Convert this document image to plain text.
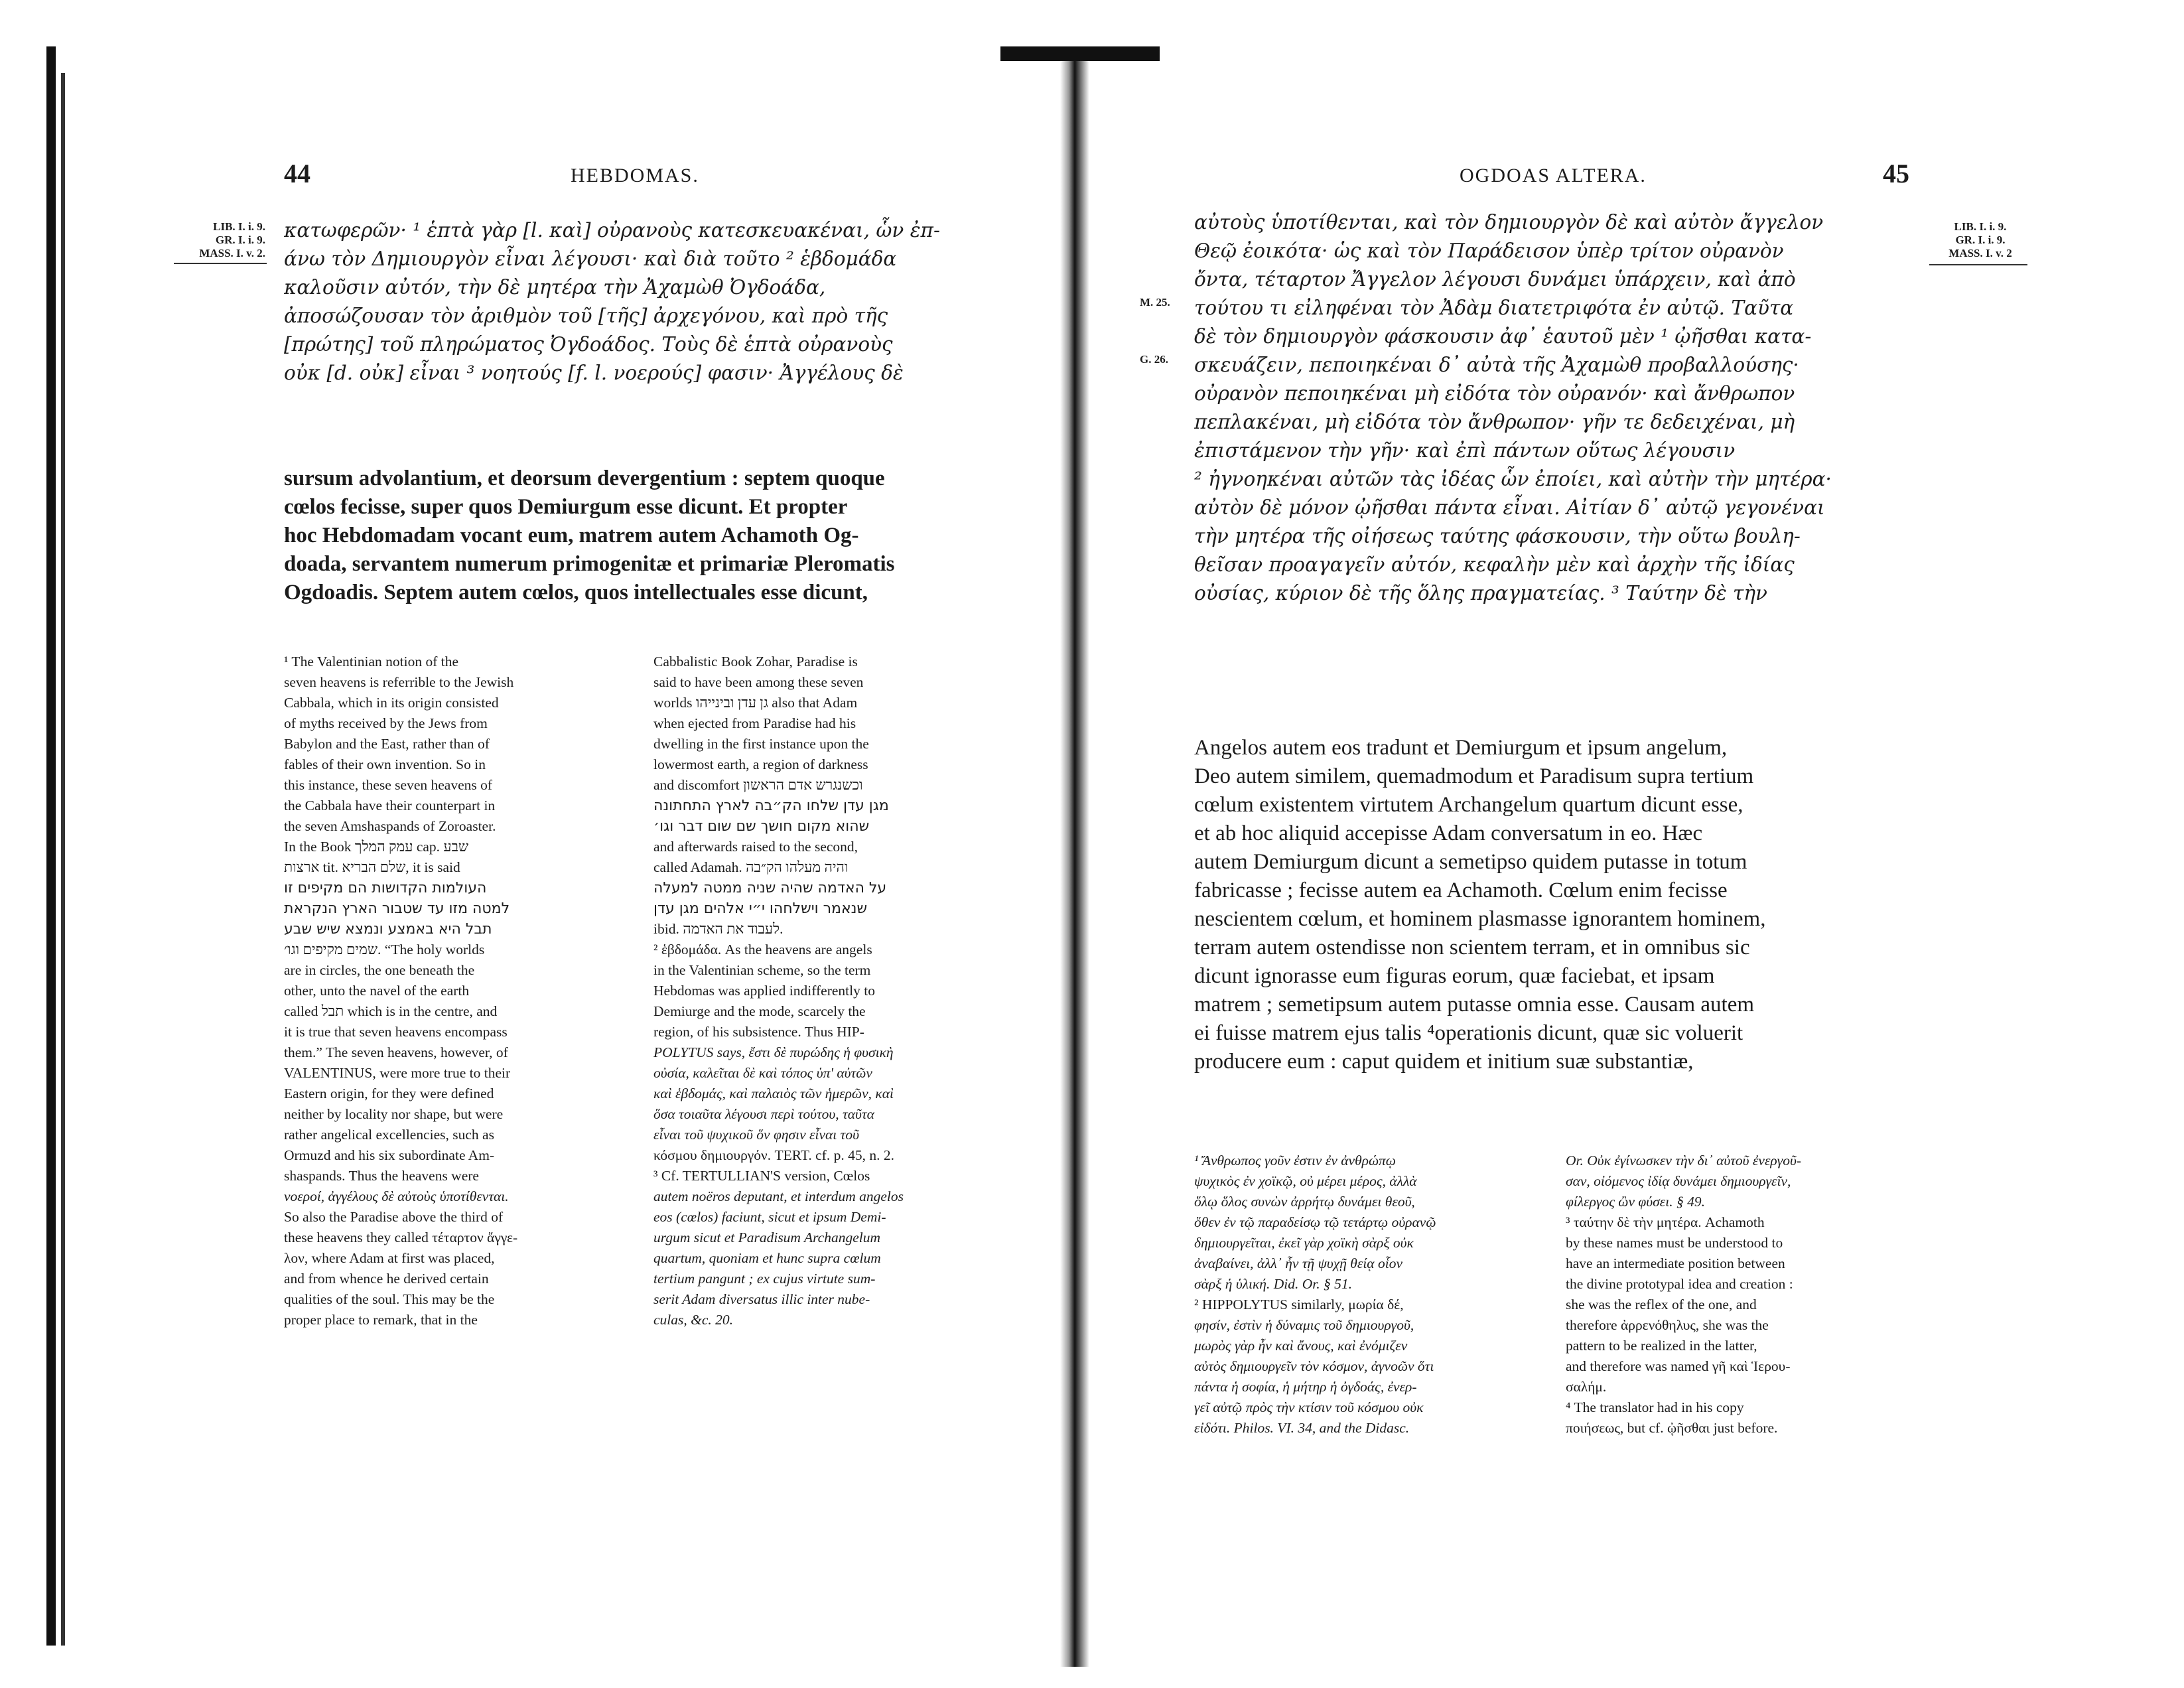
44	HEBDOMAS.
LIB. I. i. 9.
GR. I. i. 9.
MASS. I. v. 2.
κατωφερῶν· ¹ ἑπτὰ γὰρ [l. καὶ] οὐρανοὺς κατεσκευακέναι, ὧν ἐπ-
άνω τὸν Δημιουργὸν εἶναι λέγουσι· καὶ διὰ τοῦτο ² ἑβδομάδα
καλοῦσιν αὐτόν, τὴν δὲ μητέρα τὴν Ἀχαμὼθ Ὀγδοάδα,
ἀποσώζουσαν τὸν ἀριθμὸν τοῦ [τῆς] ἀρχεγόνου, καὶ πρὸ τῆς
[πρώτης] τοῦ πληρώματος Ὀγδοάδος. Τοὺς δὲ ἑπτὰ οὐρανοὺς
οὐκ [d. οὐκ] εἶναι ³ νοητούς [f. l. νοερούς] φασιν· Ἀγγέλους δὲ
sursum advolantium, et deorsum devergentium : septem quoque
cœlos fecisse, super quos Demiurgum esse dicunt. Et propter
hoc Hebdomadam vocant eum, matrem autem Achamoth Og-
doada, servantem numerum primogenitæ et primariæ Pleromatis
Ogdoadis. Septem autem cœlos, quos intellectuales esse dicunt,
¹ The Valentinian notion of the
seven heavens is referrible to the Jewish
Cabbala, which in its origin consisted
of myths received by the Jews from
Babylon and the East, rather than of
fables of their own invention. So in
this instance, these seven heavens of
the Cabbala have their counterpart in
the seven Amshaspands of Zoroaster.
In the Book עמק המלך cap. שבע
ארצות tit. שלם הבריא, it is said
העולמות הקדושות הם מקיפים זו
למטה מזו עד שטבור הארץ הנקראת
תבל היא באמצע ונמצא שיש שבע
שמים מקיפים וגו׳. “The holy worlds
are in circles, the one beneath the
other, unto the navel of the earth
called תבל which is in the centre, and
it is true that seven heavens encompass
them.” The seven heavens, however, of
VALENTINUS, were more true to their
Eastern origin, for they were defined
neither by locality nor shape, but were
rather angelical excellencies, such as
Ormuzd and his six subordinate Am-
shaspands. Thus the heavens were
νοεροί, ἀγγέλους δὲ αὐτοὺς ὑποτίθενται.
So also the Paradise above the third of
these heavens they called τέταρτον ἄγγε-
λον, where Adam at first was placed,
and from whence he derived certain
qualities of the soul. This may be the
proper place to remark, that in the
Cabbalistic Book Zohar, Paradise is
said to have been among these seven
worlds גן עדן ובינייהו also that Adam
when ejected from Paradise had his
dwelling in the first instance upon the
lowermost earth, a region of darkness
and discomfort וכשנגרש אדם הראשון
מגן עדן שלחו הק״בה לארץ התחתונה
שהוא מקום חושך שם שום דבר וגו׳
and afterwards raised to the second,
called Adamah. והיה מעלהו הק״בה
על האדמה שהיה שניה ממטה למעלה
שנאמר וישלחהו י״י אלהים מגן עדן
ibid. לעבוד את האדמה.
² ἑβδομάδα. As the heavens are angels
in the Valentinian scheme, so the term
Hebdomas was applied indifferently to
Demiurge and the mode, scarcely the
region, of his subsistence. Thus HIP-
POLYTUS says, ἔστι δὲ πυρώδης ἡ φυσικὴ
οὐσία, καλεῖται δὲ καὶ τόπος ὑπ' αὐτῶν
καὶ ἑβδομάς, καὶ παλαιὸς τῶν ἡμερῶν, καὶ
ὅσα τοιαῦτα λέγουσι περὶ τούτου, ταῦτα
εἶναι τοῦ ψυχικοῦ ὅν φησιν εἶναι τοῦ
κόσμου δημιουργόν. TERT. cf. p. 45, n. 2.
³ Cf. TERTULLIAN'S version, Cœlos
autem noëros deputant, et interdum angelos
eos (cœlos) faciunt, sicut et ipsum Demi-
urgum sicut et Paradisum Archangelum
quartum, quoniam et hunc supra cœlum
tertium pangunt ; ex cujus virtute sum-
serit Adam diversatus illic inter nube-
culas, &c. 20.
OGDOAS ALTERA.	45
LIB. I. i. 9.
GR. I. i. 9.
MASS. I. v. 2
M. 25.
G. 26.
αὐτοὺς ὑποτίθενται, καὶ τὸν δημιουργὸν δὲ καὶ αὐτὸν ἄγγελον
Θεῷ ἐοικότα· ὡς καὶ τὸν Παράδεισον ὑπὲρ τρίτον οὐρανὸν
ὄντα, τέταρτον Ἄγγελον λέγουσι δυνάμει ὑπάρχειν, καὶ ἀπὸ
τούτου τι εἰληφέναι τὸν Ἀδὰμ διατετριφότα ἐν αὐτῷ. Ταῦτα
δὲ τὸν δημιουργὸν φάσκουσιν ἀφ᾽ ἑαυτοῦ μὲν ¹ ᾠῆσθαι κατα-
σκευάζειν, πεποιηκέναι δ᾽ αὐτὰ τῆς Ἀχαμὼθ προβαλλούσης·
οὐρανὸν πεποιηκέναι μὴ εἰδότα τὸν οὐρανόν· καὶ ἄνθρωπον
πεπλακέναι, μὴ εἰδότα τὸν ἄνθρωπον· γῆν τε δεδειχέναι, μὴ
ἐπιστάμενον τὴν γῆν· καὶ ἐπὶ πάντων οὕτως λέγουσιν
² ἠγνοηκέναι αὐτῶν τὰς ἰδέας ὧν ἐποίει, καὶ αὐτὴν τὴν μητέρα·
αὐτὸν δὲ μόνον ᾠῆσθαι πάντα εἶναι. Αἰτίαν δ᾽ αὐτῷ γεγονέναι
τὴν μητέρα τῆς οἰήσεως ταύτης φάσκουσιν, τὴν οὕτω βουλη-
θεῖσαν προαγαγεῖν αὐτόν, κεφαλὴν μὲν καὶ ἀρχὴν τῆς ἰδίας
οὐσίας, κύριον δὲ τῆς ὅλης πραγματείας. ³ Ταύτην δὲ τὴν
Angelos autem eos tradunt et Demiurgum et ipsum angelum,
Deo autem similem, quemadmodum et Paradisum supra tertium
cœlum existentem virtutem Archangelum quartum dicunt esse,
et ab hoc aliquid accepisse Adam conversatum in eo. Hæc
autem Demiurgum dicunt a semetipso quidem putasse in totum
fabricasse ; fecisse autem ea Achamoth. Cœlum enim fecisse
nescientem cœlum, et hominem plasmasse ignorantem hominem,
terram autem ostendisse non scientem terram, et in omnibus sic
dicunt ignorasse eum figuras eorum, quæ faciebat, et ipsam
matrem ; semetipsum autem putasse omnia esse. Causam autem
ei fuisse matrem ejus talis ⁴operationis dicunt, quæ sic voluerit
producere eum : caput quidem et initium suæ substantiæ,
¹ Ἄνθρωπος γοῦν ἐστιν ἐν ἀνθρώπῳ
ψυχικὸς ἐν χοϊκῷ, οὐ μέρει μέρος, ἀλλὰ
ὅλῳ ὅλος συνὼν ἀρρήτῳ δυνάμει θεοῦ,
ὅθεν ἐν τῷ παραδείσῳ τῷ τετάρτῳ οὐρανῷ
δημιουργεῖται, ἐκεῖ γὰρ χοϊκὴ σὰρξ οὐκ
ἀναβαίνει, ἀλλ᾽ ἦν τῇ ψυχῇ θείᾳ οἷον
σὰρξ ἡ ὑλική. Did. Or. § 51.
² HIPPOLYTUS similarly, μωρία δέ,
φησίν, ἐστὶν ἡ δύναμις τοῦ δημιουργοῦ,
μωρὸς γὰρ ἦν καὶ ἄνους, καὶ ἐνόμιζεν
αὐτὸς δημιουργεῖν τὸν κόσμον, ἀγνοῶν ὅτι
πάντα ἡ σοφία, ἡ μήτηρ ἡ ὀγδοάς, ἐνερ-
γεῖ αὐτῷ πρὸς τὴν κτίσιν τοῦ κόσμου οὐκ
εἰδότι. Philos. VI. 34, and the Didasc.
Or. Οὐκ ἐγίνωσκεν τὴν δι᾽ αὐτοῦ ἐνεργοῦ-
σαν, οἰόμενος ἰδίᾳ δυνάμει δημιουργεῖν,
φίλεργος ὢν φύσει. § 49.
³ ταύτην δὲ τὴν μητέρα. Achamoth
by these names must be understood to
have an intermediate position between
the divine prototypal idea and creation :
she was the reflex of the one, and
therefore ἀρρενόθηλυς, she was the
pattern to be realized in the latter,
and therefore was named γῆ καὶ Ἱερου-
σαλήμ.
⁴ The translator had in his copy
ποιήσεως, but cf. ᾠῆσθαι just before.
